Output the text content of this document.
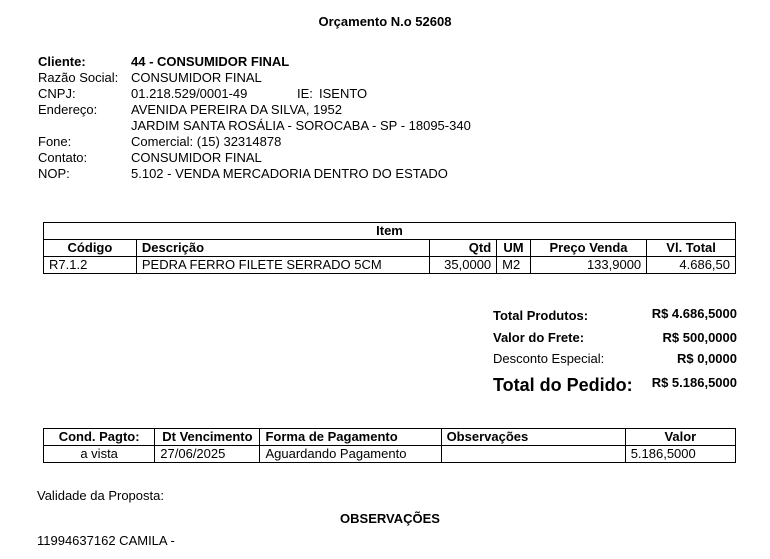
Orçamento N.o 52608
Cliente:	44 - CONSUMIDOR FINAL
Razão Social: CONSUMIDOR FINAL
CNPJ:	01.218.529/0001-49	IE: ISENTO
Endereço:	AVENIDA PEREIRA DA SILVA, 1952
JARDIM SANTA ROSÁLIA - SOROCABA - SP - 18095-340
Fone:	Comercial: (15) 32314878
Contato:	CONSUMIDOR FINAL
NOP:	5.102 - VENDA MERCADORIA DENTRO DO ESTADO
Item					
Código	Descrição	Qtd	UM	Preço Venda	Vl. Total
R7.1.2	PEDRA FERRO FILETE SERRADO 5CM	35,0000	M2	133,9000	4.686,50
Total Produtos:	R$ 4.686,5000
Valor do Frete:	R$ 500,0000
Desconto Especial:	R$ 0,0000
Total do Pedido: R$ 5.186,5000
Cond. Pagto:	Dt Vencimento	Forma de Pagamento	Observações	Valor
a vista	27/06/2025	Aguardando Pagamento		5.186,5000
Validade da Proposta:
OBSERVAÇÕES
11994637162 CAMILA -
